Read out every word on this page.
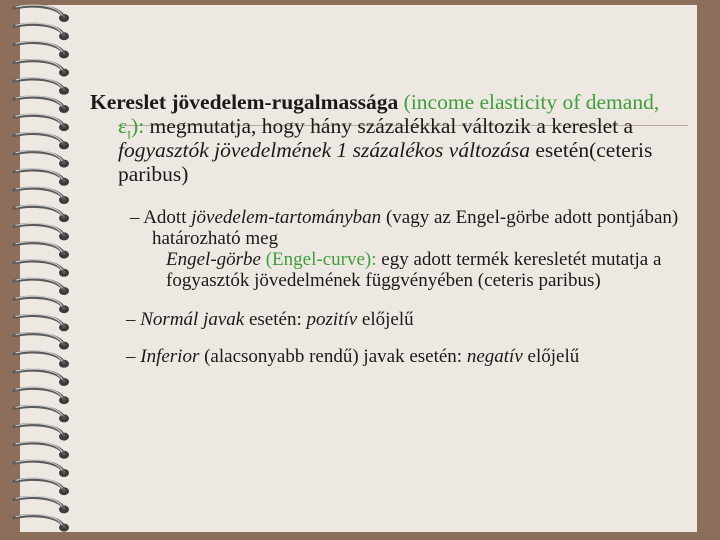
Kereslet jövedelem-rugalmassága (income elasticity of demand, $\varepsilon_I$): megmutatja, hogy hány százalékkal változik a kereslet a fogyasztók jövedelmének 1 százalékos változása esetén(ceteris paribus)

– Adott jövedelem-tartományban (vagy az Engel-görbe adott pontjában) határozható meg
Engel-görbe (Engel-curve): egy adott termék keresletét mutatja a fogyasztók jövedelmének függvényében (ceteris paribus)

– Normál javak esetén: pozitív előjelű

– Inferior (alacsonyabb rendű) javak esetén: negatív előjelű
